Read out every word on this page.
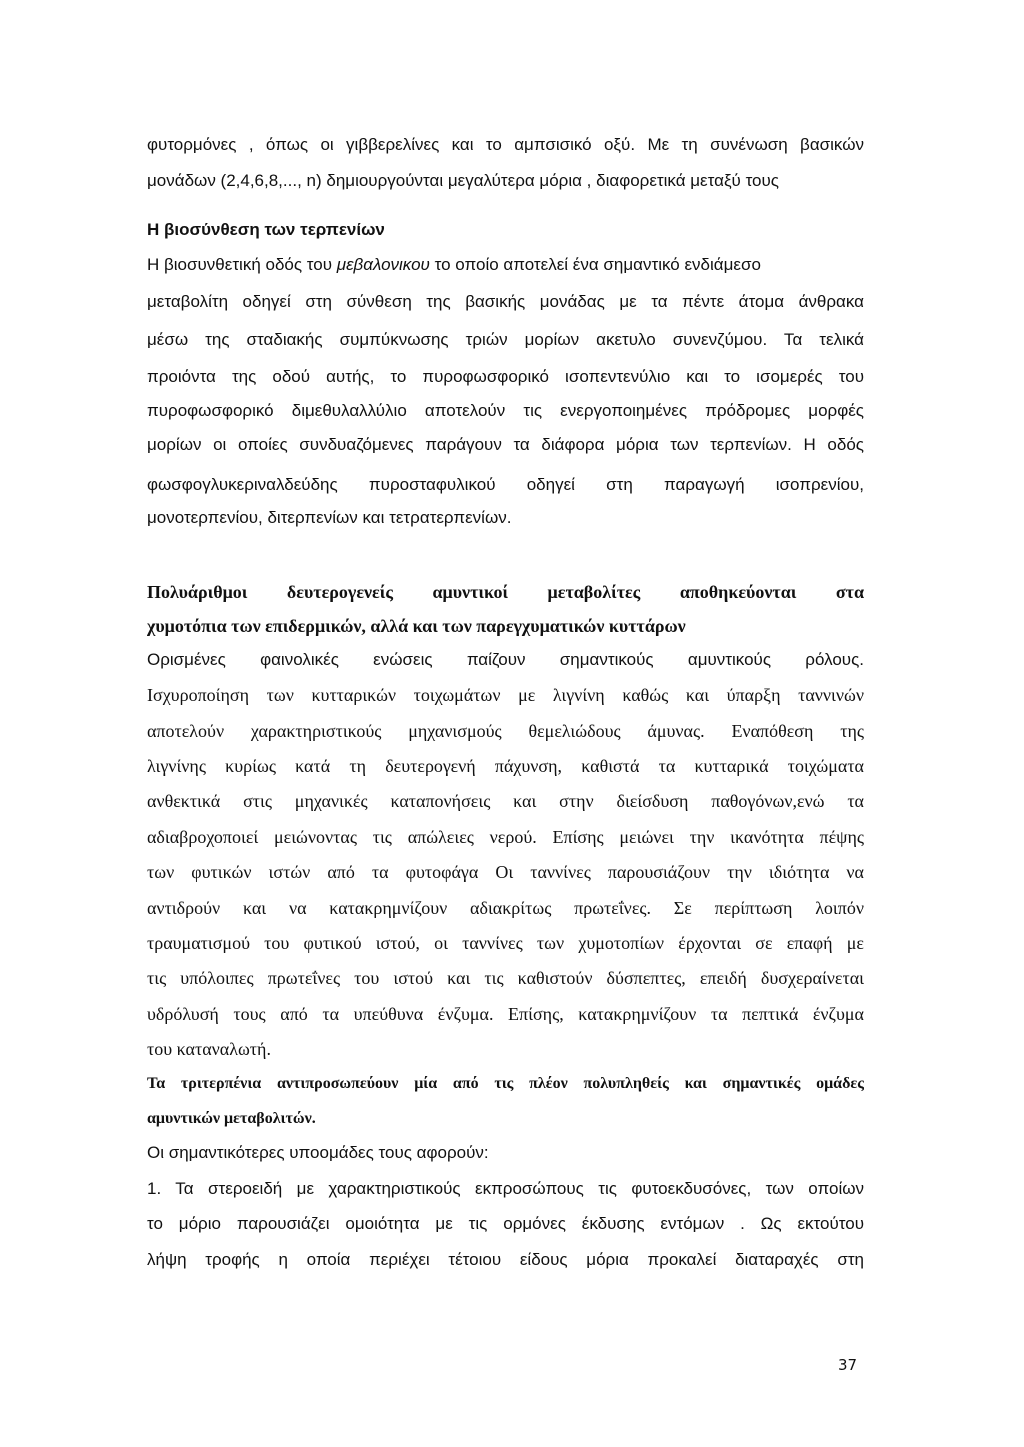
φυτορμόνες , όπως οι γιββερελίνες και το αμπσισικό οξύ. Με τη συνένωση βασικών
μονάδων (2,4,6,8,..., n) δημιουργούνται μεγαλύτερα μόρια , διαφορετικά μεταξύ τους
Η βιοσύνθεση των τερπενίων
Η βιοσυνθετική οδός του μεβαλονικου το οποίο αποτελεί ένα σημαντικό ενδιάμεσο
μεταβολίτη οδηγεί στη σύνθεση της βασικής μονάδας με τα πέντε άτομα άνθρακα
μέσω της σταδιακής συμπύκνωσης τριών μορίων ακετυλο συνενζύμου. Τα τελικά
προιόντα της οδού αυτής, το πυροφωσφορικό ισοπεντενύλιο και το ισομερές του
πυροφωσφορικό διμεθυλαλλύλιο αποτελούν τις ενεργοποιημένες πρόδρομες μορφές
μορίων οι οποίες συνδυαζόμενες παράγουν τα διάφορα μόρια των τερπενίων. Η οδός
φωσφογλυκεριναλδεύδης πυροσταφυλικού οδηγεί στη παραγωγή ισοπρενίου,
μονοτερπενίου, διτερπενίων και τετρατερπενίων.
Πολυάριθμοι δευτερογενείς αμυντικοί μεταβολίτες αποθηκεύονται στα
χυμοτόπια των επιδερμικών, αλλά και των παρεγχυματικών κυττάρων
Ορισμένες φαινολικές ενώσεις παίζουν σημαντικούς αμυντικούς ρόλους.
Ισχυροποίηση των κυτταρικών τοιχωμάτων με λιγνίνη καθώς και ύπαρξη ταννινών
αποτελούν χαρακτηριστικούς μηχανισμούς θεμελιώδους άμυνας. Εναπόθεση της
λιγνίνης κυρίως κατά τη δευτερογενή πάχυνση, καθιστά τα κυτταρικά τοιχώματα
ανθεκτικά στις μηχανικές καταπονήσεις και στην διείσδυση παθογόνων,ενώ τα
αδιαβροχοποιεί μειώνοντας τις απώλειες νερού. Επίσης μειώνει την ικανότητα πέψης
των φυτικών ιστών από τα φυτοφάγα Οι ταννίνες παρουσιάζουν την ιδιότητα να
αντιδρούν και να κατακρημνίζουν αδιακρίτως πρωτεΐνες. Σε περίπτωση λοιπόν
τραυματισμού του φυτικού ιστού, οι ταννίνες των χυμοτοπίων έρχονται σε επαφή με
τις υπόλοιπες πρωτεΐνες του ιστού και τις καθιστούν δύσπεπτες, επειδή δυσχεραίνεται
υδρόλυσή τους από τα υπεύθυνα ένζυμα. Επίσης, κατακρημνίζουν τα πεπτικά ένζυμα
του καταναλωτή.
Τα τριτερπένια αντιπροσωπεύουν μία από τις πλέον πολυπληθείς και σημαντικές ομάδες
αμυντικών μεταβολιτών.
Οι σημαντικότερες υποομάδες τους αφορούν:
1. Τα στεροειδή με χαρακτηριστικούς εκπροσώπους τις φυτοεκδυσόνες, των οποίων
το μόριο παρουσιάζει ομοιότητα με τις ορμόνες έκδυσης εντόμων . Ως εκτούτου
λήψη τροφής η οποία περιέχει τέτοιου είδους μόρια προκαλεί διαταραχές στη
37
